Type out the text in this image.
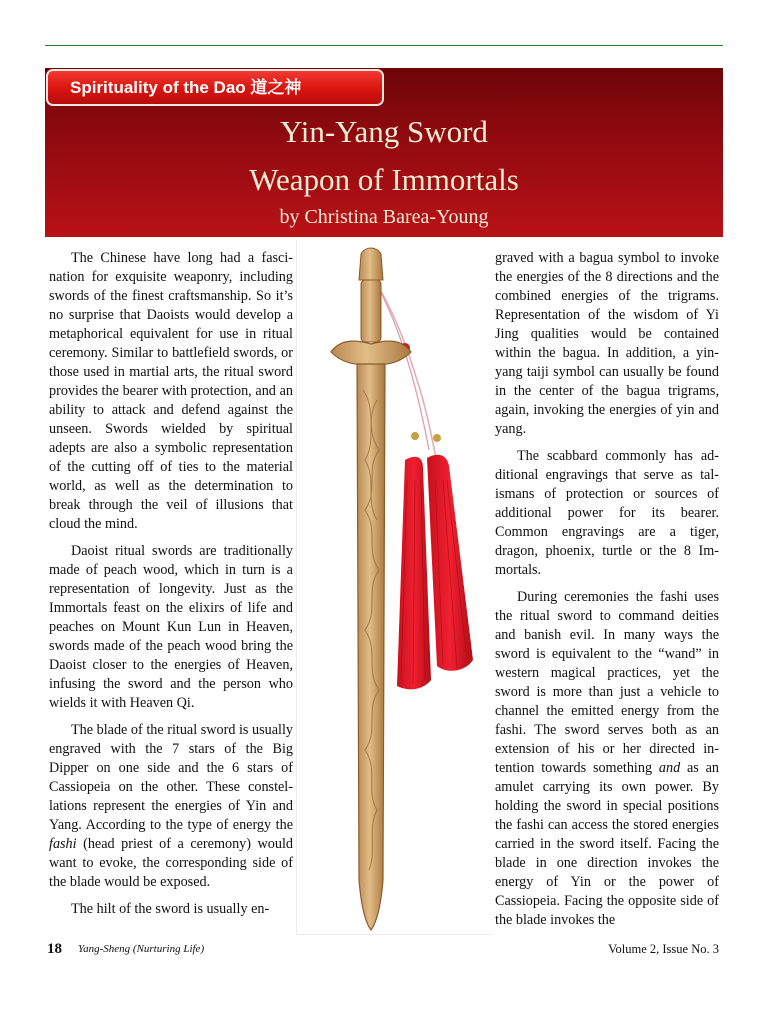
Spirituality of the Dao 道之神
Yin-Yang Sword
Weapon of Immortals
by Christina Barea-Young

The Chinese have long had a fascination for exquisite weaponry, including swords of the finest craftsmanship. So it’s no surprise that Daoists would develop a metaphorical equivalent for use in ritual ceremony. Similar to battlefield swords, or those used in martial arts, the ritual sword provides the bearer with protection, and an ability to attack and defend against the unseen. Swords wielded by spiritual adepts are also a symbolic representation of the cutting off of ties to the material world, as well as the determination to break through the veil of illusions that cloud the mind.

Daoist ritual swords are traditionally made of peach wood, which in turn is a representation of longevity. Just as the Immortals feast on the elixirs of life and peaches on Mount Kun Lun in Heaven, swords made of the peach wood bring the Daoist closer to the energies of Heaven, infusing the sword and the person who wields it with Heaven Qi.

The blade of the ritual sword is usually engraved with the 7 stars of the Big Dipper on one side and the 6 stars of Cassiopeia on the other. These constellations represent the energies of Yin and Yang. According to the type of energy the fashi (head priest of a ceremony) would want to evoke, the corresponding side of the blade would be exposed.

The hilt of the sword is usually en-

graved with a bagua symbol to invoke the energies of the 8 directions and the combined energies of the trigrams. Representation of the wisdom of Yi Jing qualities would be contained within the bagua. In addition, a yin-yang taiji symbol can usually be found in the center of the bagua trigrams, again, invoking the energies of yin and yang.

The scabbard commonly has additional engravings that serve as talismans of protection or sources of additional power for its bearer. Common engravings are a tiger, dragon, phoenix, turtle or the 8 Immortals.

During ceremonies the fashi uses the ritual sword to command deities and banish evil. In many ways the sword is equivalent to the “wand” in western magical practices, yet the sword is more than just a vehicle to channel the emitted energy from the fashi. The sword serves both as an extension of his or her directed intention towards something and as an amulet carrying its own power. By holding the sword in special positions the fashi can access the stored energies carried in the sword itself. Facing the blade in one direction invokes the energy of Yin or the power of Cassiopeia. Facing the opposite side of the blade invokes the

18 Yang-Sheng (Nurturing Life)	Volume 2, Issue No. 3
